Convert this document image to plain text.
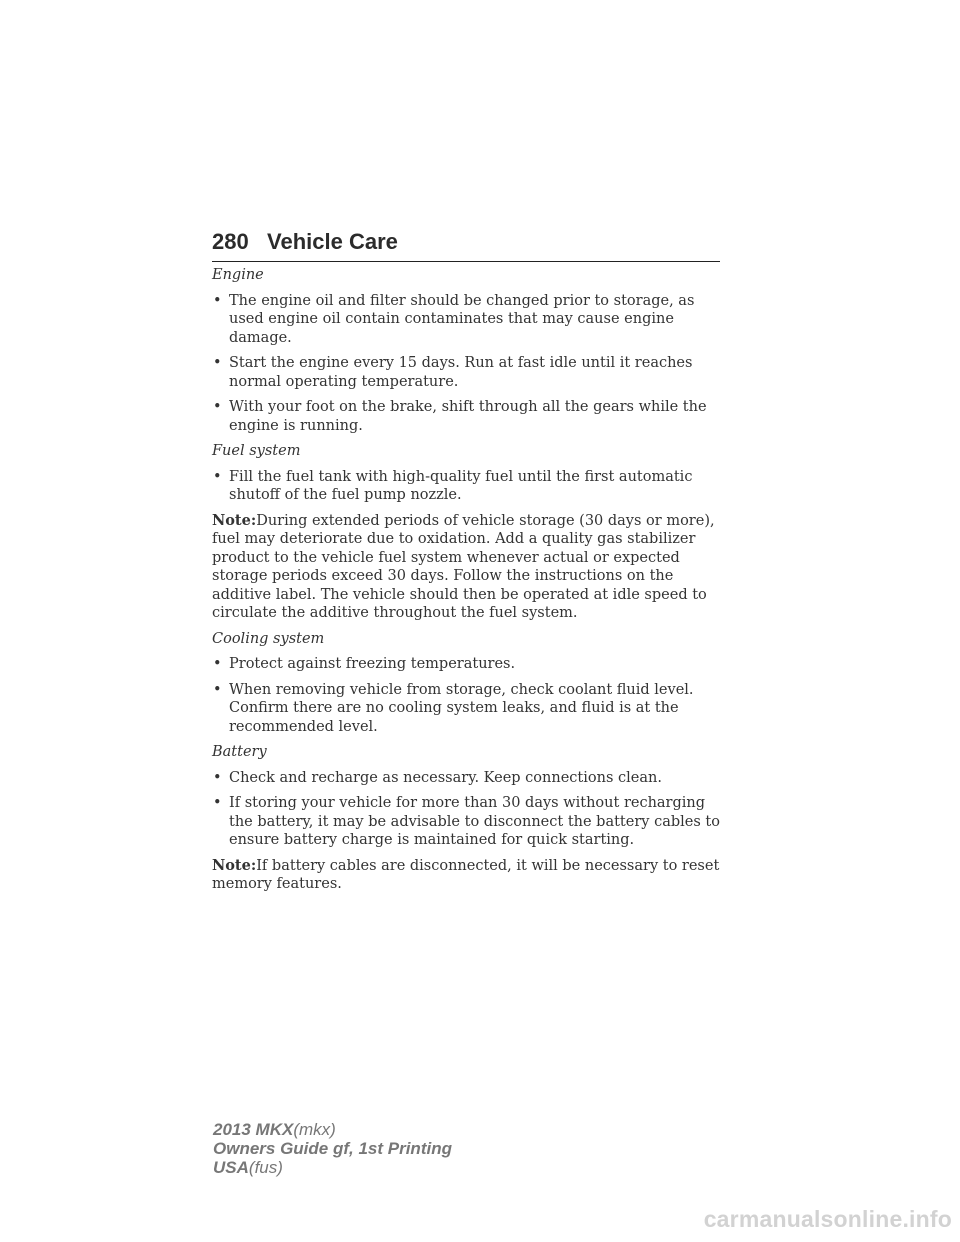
280 Vehicle Care

Engine

• The engine oil and filter should be changed prior to storage, as used engine oil contain contaminates that may cause engine damage.

• Start the engine every 15 days. Run at fast idle until it reaches normal operating temperature.

• With your foot on the brake, shift through all the gears while the engine is running.

Fuel system

• Fill the fuel tank with high-quality fuel until the first automatic shutoff of the fuel pump nozzle.

Note:During extended periods of vehicle storage (30 days or more), fuel may deteriorate due to oxidation. Add a quality gas stabilizer product to the vehicle fuel system whenever actual or expected storage periods exceed 30 days. Follow the instructions on the additive label. The vehicle should then be operated at idle speed to circulate the additive throughout the fuel system.

Cooling system

• Protect against freezing temperatures.

• When removing vehicle from storage, check coolant fluid level. Confirm there are no cooling system leaks, and fluid is at the recommended level.

Battery

• Check and recharge as necessary. Keep connections clean.

• If storing your vehicle for more than 30 days without recharging the battery, it may be advisable to disconnect the battery cables to ensure battery charge is maintained for quick starting.

Note:If battery cables are disconnected, it will be necessary to reset memory features.

2013 MKX(mkx)
Owners Guide gf, 1st Printing
USA(fus)
carmanualsonline.info
